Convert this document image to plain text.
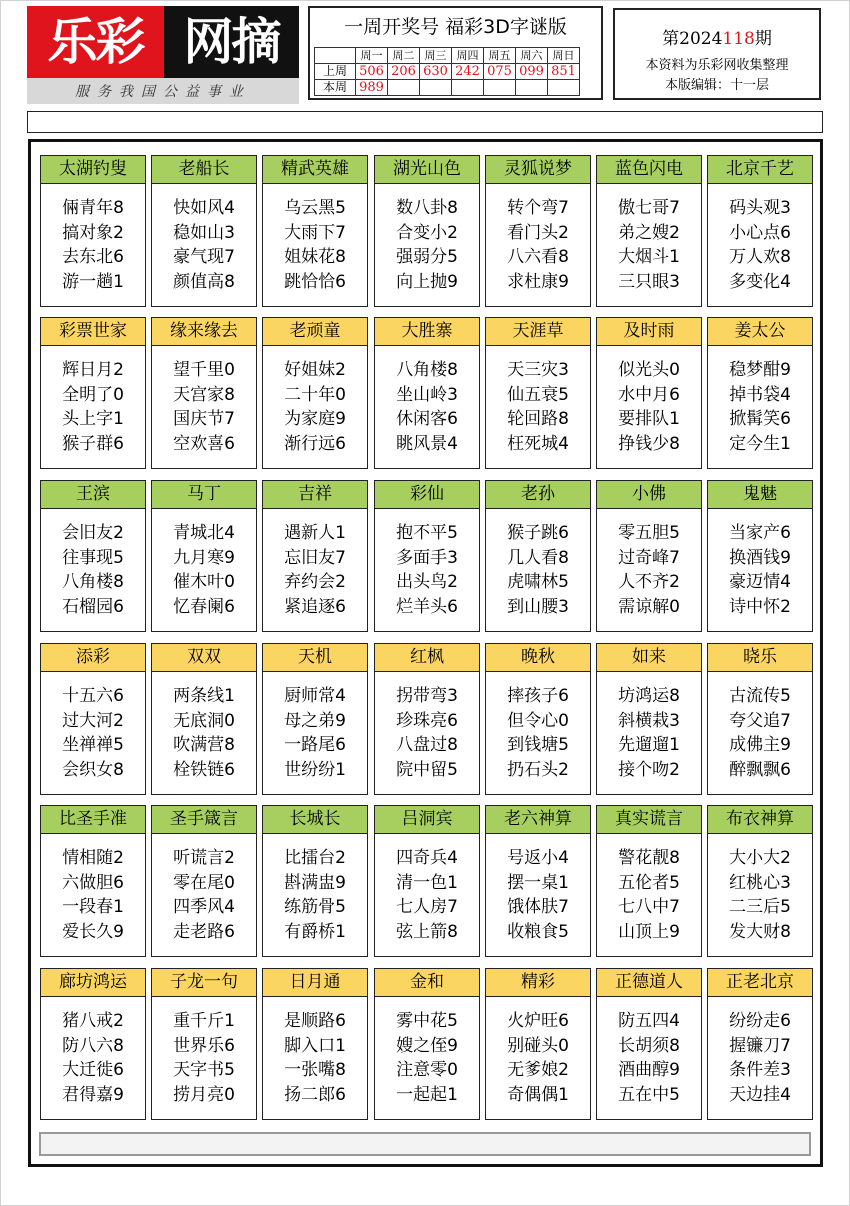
乐彩 网摘
服务我国公益事业
一周开奖号 福彩3D字谜版
	周一	周二	周三	周四	周五	周六	周日
上周	506	206	630	242	075	099	851
本周	989						
第2024118期
本资料为乐彩网收集整理
本版编辑：十一层
太湖钓叟
倆青年8
搞对象2
去东北6
游一趟1
老船长
快如风4
稳如山3
豪气现7
颜值高8
精武英雄
乌云黑5
大雨下7
姐妹花8
跳恰恰6
湖光山色
数八卦8
合变小2
强弱分5
向上抛9
灵狐说梦
转个弯7
看门头2
八六看8
求杜康9
蓝色闪电
傲七哥7
弟之嫂2
大烟斗1
三只眼3
北京千艺
码头观3
小心点6
万人欢8
多变化4
彩票世家
辉日月2
全明了0
头上字1
猴子群6
缘来缘去
望千里0
天宫家8
国庆节7
空欢喜6
老顽童
好姐妹2
二十年0
为家庭9
渐行远6
大胜寨
八角楼8
坐山岭3
休闲客6
眺风景4
天涯草
天三灾3
仙五衰5
轮回路8
枉死城4
及时雨
似光头0
水中月6
要排队1
挣钱少8
姜太公
稳梦酣9
掉书袋4
掀髯笑6
定今生1
王滨
会旧友2
往事现5
八角楼8
石榴园6
马丁
青城北4
九月寒9
催木叶0
忆春阑6
吉祥
遇新人1
忘旧友7
弃约会2
紧追逐6
彩仙
抱不平5
多面手3
出头鸟2
烂羊头6
老孙
猴子跳6
几人看8
虎啸林5
到山腰3
小佛
零五胆5
过奇峰7
人不齐2
需谅解0
鬼魅
当家产6
换酒钱9
豪迈情4
诗中怀2
添彩
十五六6
过大河2
坐禅禅5
会织女8
双双
两条线1
无底洞0
吹满营8
栓铁链6
天机
厨师常4
母之弟9
一路尾6
世纷纷1
红枫
拐带弯3
珍珠亮6
八盘过8
院中留5
晚秋
摔孩子6
但令心0
到钱塘5
扔石头2
如来
坊鸿运8
斜横栽3
先遛遛1
接个吻2
晓乐
古流传5
夸父追7
成佛主9
醉飘飘6
比圣手准
情相随2
六做胆6
一段春1
爱长久9
圣手箴言
听谎言2
零在尾0
四季风4
走老路6
长城长
比擂台2
斟满盅9
练筋骨5
有爵桥1
吕洞宾
四奇兵4
清一色1
七人房7
弦上箭8
老六神算
号返小4
摆一桌1
饿体肤7
收粮食5
真实谎言
警花靓8
五伦者5
七八中7
山顶上9
布衣神算
大小大2
红桃心3
二三后5
发大财8
廊坊鸿运
猪八戒2
防八六8
大迁徙6
君得嘉9
子龙一句
重千斤1
世界乐6
天字书5
捞月亮0
日月通
是顺路6
脚入口1
一张嘴8
扬二郎6
金和
雾中花5
嫂之侄9
注意零0
一起起1
精彩
火炉旺6
别碰头0
无爹娘2
奇偶偶1
正德道人
防五四4
长胡须8
酒曲醇9
五在中5
正老北京
纷纷走6
握镰刀7
条件差3
天边挂4
